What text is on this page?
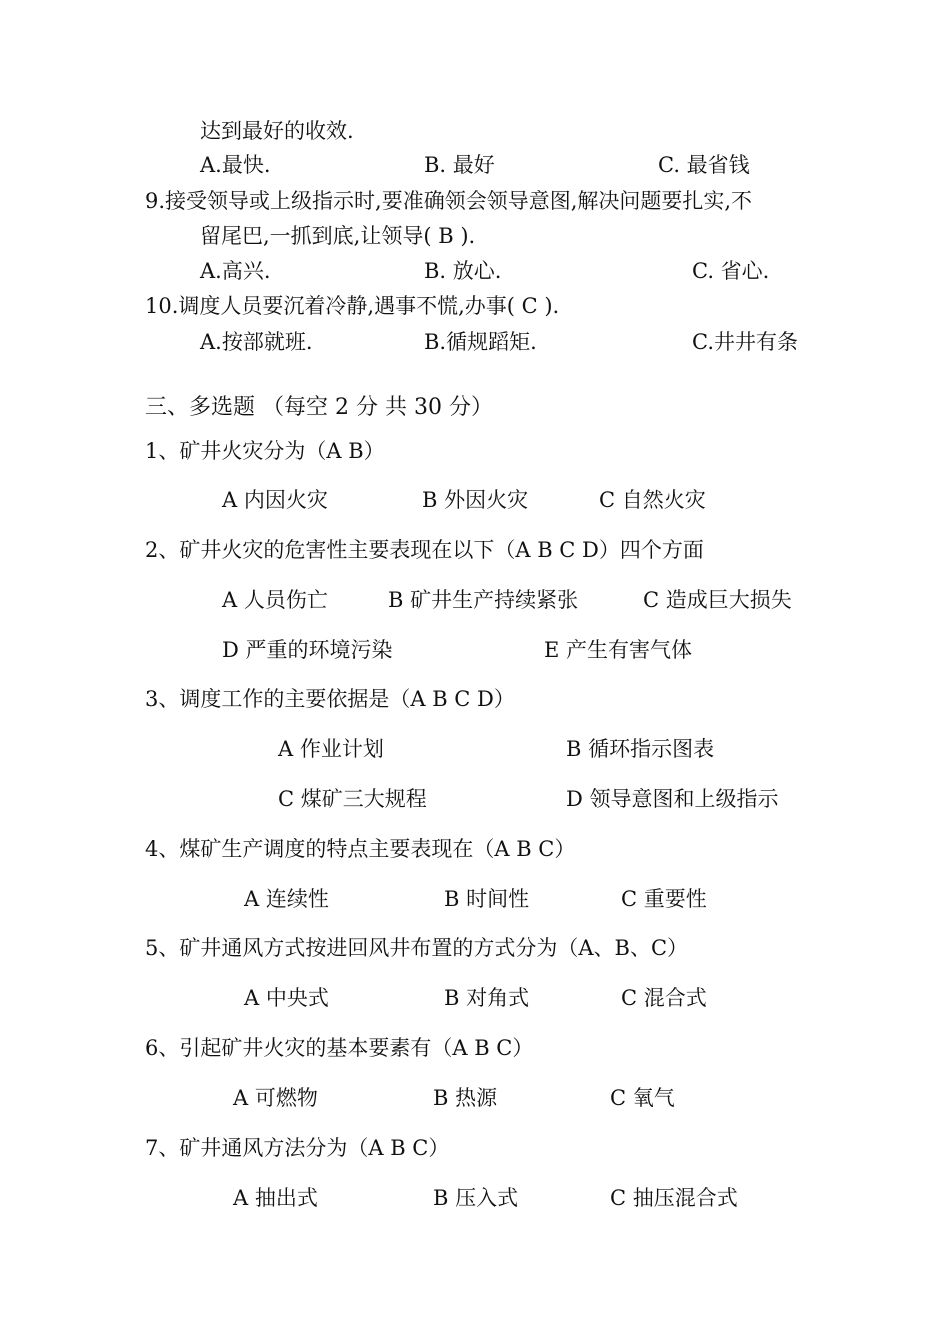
达到最好的收效.
A.最快.	B. 最好	C. 最省钱
9.接受领导或上级指示时,要准确领会领导意图,解决问题要扎实,不
留尾巴,一抓到底,让领导( B ).
A.高兴.	B. 放心.	C. 省心.
10.调度人员要沉着冷静,遇事不慌,办事( C ).
A.按部就班.	B.循规蹈矩.	C.井井有条
三、多选题 （每空 2 分 共 30 分）
1、矿井火灾分为（A B）
A 内因火灾	B 外因火灾	C 自然火灾
2、矿井火灾的危害性主要表现在以下（A B C D）四个方面
A 人员伤亡	B 矿井生产持续紧张	C 造成巨大损失
D 严重的环境污染	E 产生有害气体
3、调度工作的主要依据是（A B C D）
A 作业计划	B 循环指示图表
C 煤矿三大规程	D 领导意图和上级指示
4、煤矿生产调度的特点主要表现在（A B C）
A 连续性	B 时间性	C 重要性
5、矿井通风方式按进回风井布置的方式分为（A、B、C）
A 中央式	B 对角式	C 混合式
6、引起矿井火灾的基本要素有（A B C）
A 可燃物	B 热源	C 氧气
7、矿井通风方法分为（A B C）
A 抽出式	B 压入式	C 抽压混合式
